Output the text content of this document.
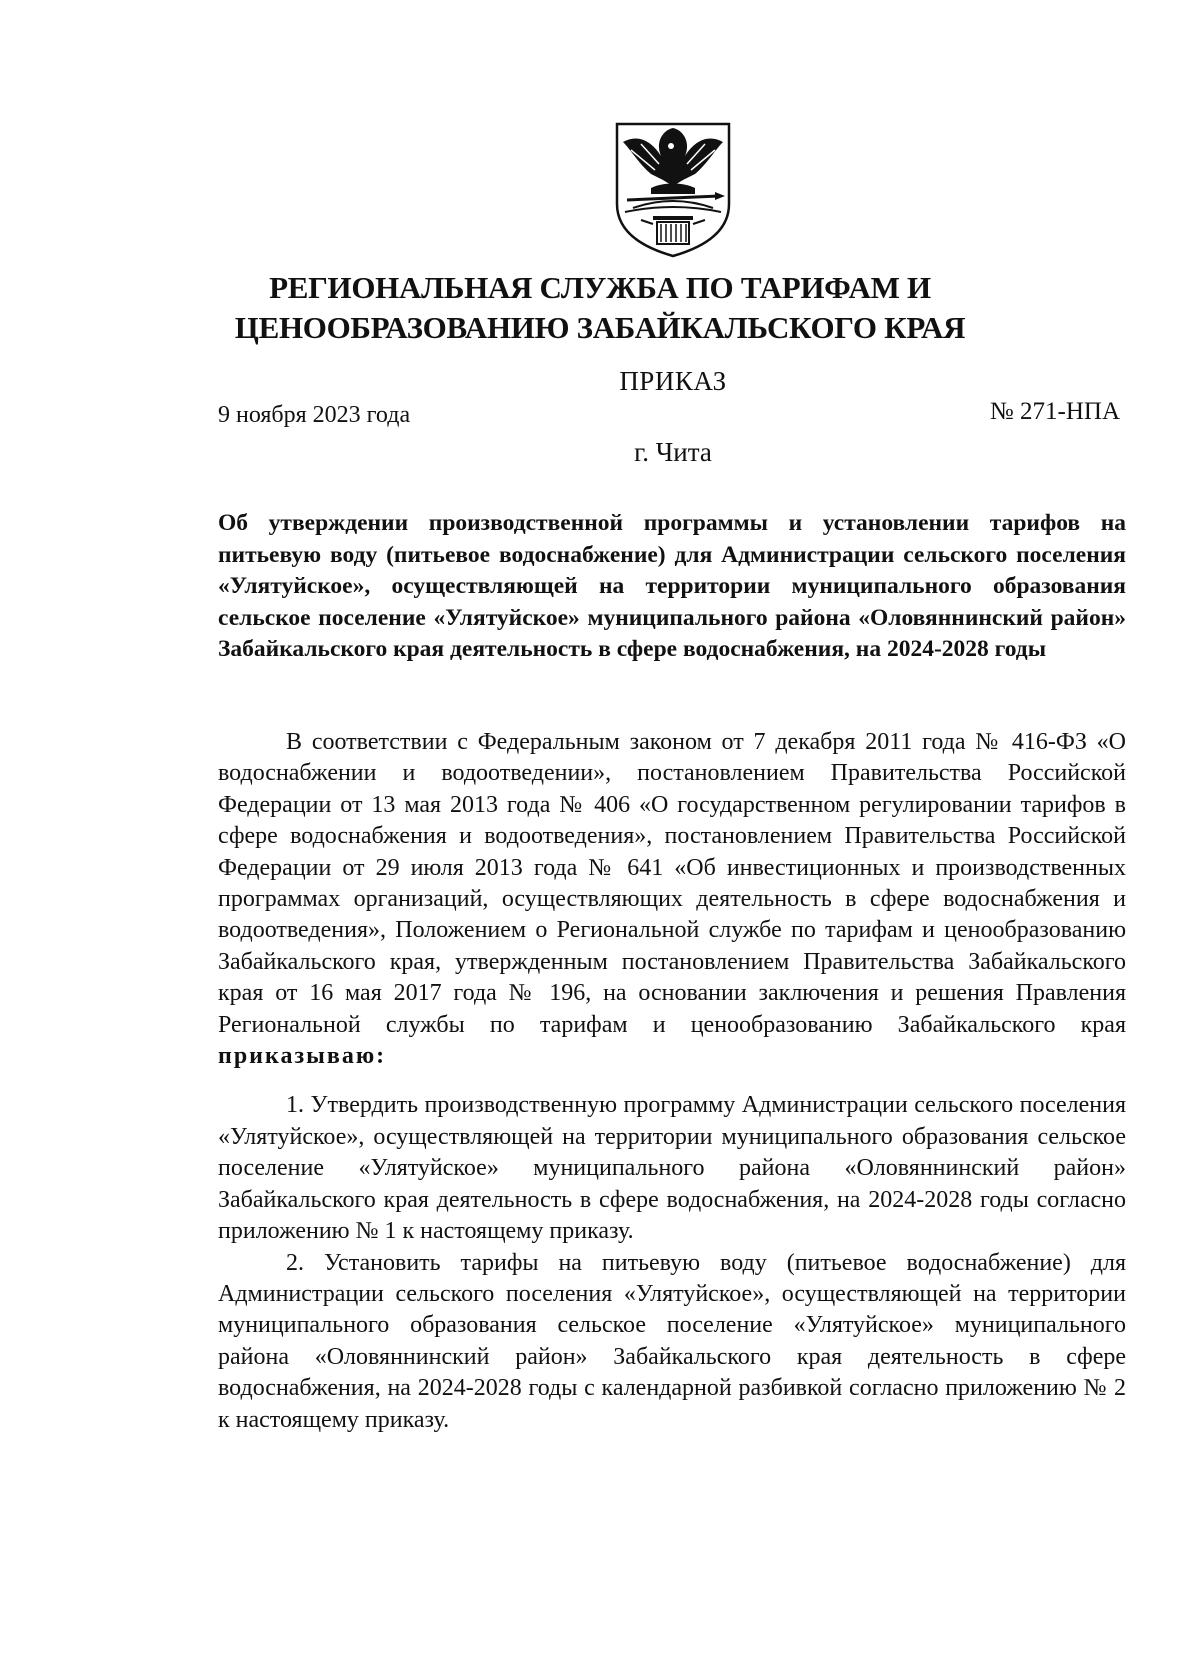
РЕГИОНАЛЬНАЯ СЛУЖБА ПО ТАРИФАМ И
ЦЕНООБРАЗОВАНИЮ ЗАБАЙКАЛЬСКОГО КРАЯ
ПРИКАЗ
9 ноября 2023 года	№ 271-НПА
г. Чита
Об утверждении производственной программы и установлении тарифов на питьевую воду (питьевое водоснабжение) для Администрации сельского поселения «Улятуйское», осуществляющей на территории муниципального образования сельское поселение «Улятуйское» муниципального района «Оловяннинский район» Забайкальского края деятельность в сфере водоснабжения, на 2024-2028 годы

В соответствии с Федеральным законом от 7 декабря 2011 года № 416-ФЗ «О водоснабжении и водоотведении», постановлением Правительства Российской Федерации от 13 мая 2013 года № 406 «О государственном регулировании тарифов в сфере водоснабжения и водоотведения», постановлением Правительства Российской Федерации от 29 июля 2013 года № 641 «Об инвестиционных и производственных программах организаций, осуществляющих деятельность в сфере водоснабжения и водоотведения», Положением о Региональной службе по тарифам и ценообразованию Забайкальского края, утвержденным постановлением Правительства Забайкальского края от 16 мая 2017 года № 196, на основании заключения и решения Правления Региональной службы по тарифам и ценообразованию Забайкальского края приказываю:

1. Утвердить производственную программу Администрации сельского поселения «Улятуйское», осуществляющей на территории муниципального образования сельское поселение «Улятуйское» муниципального района «Оловяннинский район» Забайкальского края деятельность в сфере водоснабжения, на 2024-2028 годы согласно приложению № 1 к настоящему приказу.

2. Установить тарифы на питьевую воду (питьевое водоснабжение) для Администрации сельского поселения «Улятуйское», осуществляющей на территории муниципального образования сельское поселение «Улятуйское» муниципального района «Оловяннинский район» Забайкальского края деятельность в сфере водоснабжения, на 2024-2028 годы с календарной разбивкой согласно приложению № 2 к настоящему приказу.
